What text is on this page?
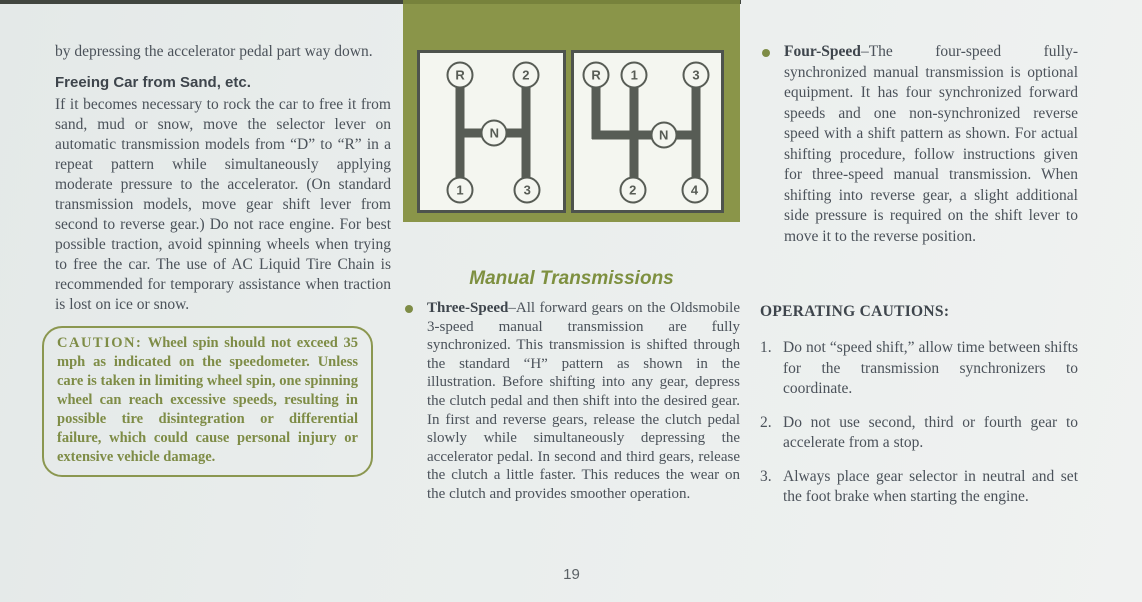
by depressing the accelerator pedal part way down.

Freeing Car from Sand, etc.

If it becomes necessary to rock the car to free it from sand, mud or snow, move the selector lever on automatic transmission models from “D” to “R” in a repeat pattern while simultaneously applying moderate pressure to the accelerator. (On standard transmission models, move gear shift lever from second to reverse gear.) Do not race engine. For best possible traction, avoid spinning wheels when trying to free the car. The use of AC Liquid Tire Chain is recommended for temporary assistance when traction is lost on ice or snow.

CAUTION: Wheel spin should not exceed 35 mph as indicated on the speedometer. Unless care is taken in limiting wheel spin, one spinning wheel can reach excessive speeds, resulting in possible tire disintegration or differential failure, which could cause personal injury or extensive vehicle damage.
R	2
N
1	3
R	1	3
N
2	4
Manual Transmissions
Three-Speed–All forward gears on the Oldsmobile 3-speed manual transmission are fully synchronized. This transmission is shifted through the standard “H” pattern as shown in the illustration. Before shifting into any gear, depress the clutch pedal and then shift into the desired gear. In first and reverse gears, release the clutch pedal slowly while simultaneously depressing the accelerator pedal. In second and third gears, release the clutch a little faster. This reduces the wear on the clutch and provides smoother operation.
Four-Speed–The four-speed fully-synchronized manual transmission is optional equipment. It has four synchronized forward speeds and one non-synchronized reverse speed with a shift pattern as shown. For actual shifting procedure, follow instructions given for three-speed manual transmission. When shifting into reverse gear, a slight additional side pressure is required on the shift lever to move it to the reverse position.
OPERATING CAUTIONS:
1. Do not “speed shift,” allow time between shifts for the transmission synchronizers to coordinate.
2. Do not use second, third or fourth gear to accelerate from a stop.
3. Always place gear selector in neutral and set the foot brake when starting the engine.
19
